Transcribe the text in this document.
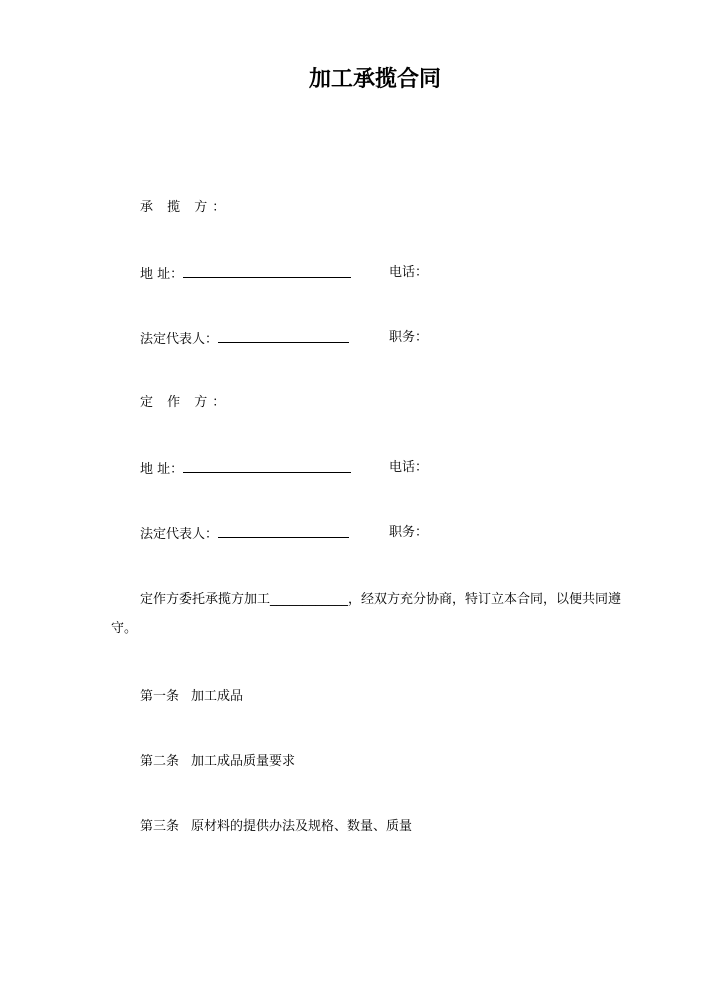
加工承揽合同
承 揽 方：
地 址：	电话：
法定代表人：	职务：
定 作 方：
地 址：	电话：
法定代表人：	职务：
定作方委托承揽方加工____________，经双方充分协商，特订立本合同，以便共同遵守。
第一条 加工成品
第二条 加工成品质量要求
第三条 原材料的提供办法及规格、数量、质量
